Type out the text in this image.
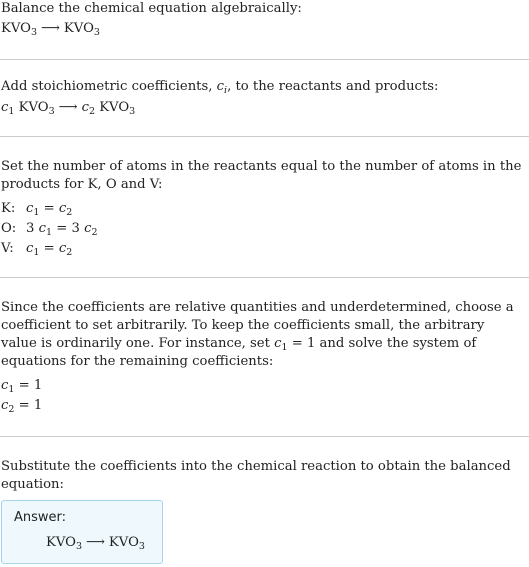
Balance the chemical equation algebraically:
$KVO_3$ ⟶ $KVO_3$
Add stoichiometric coefficients, $c_i$, to the reactants and products:
$c_1$ $KVO_3$ ⟶ $c_2$ $KVO_3$
Set the number of atoms in the reactants equal to the number of atoms in the products for K, O and V:
K: $c_1 = c_2$
O: 3 $c_1 = 3$ $c_2$
V: $c_1 = c_2$
Since the coefficients are relative quantities and underdetermined, choose a coefficient to set arbitrarily. To keep the coefficients small, the arbitrary value is ordinarily one. For instance, set $c_1 = 1$ and solve the system of equations for the remaining coefficients:
$c_1 = 1$
$c_2 = 1$
Substitute the coefficients into the chemical reaction to obtain the balanced equation:
Answer:
$KVO_3$ ⟶ $KVO_3$
